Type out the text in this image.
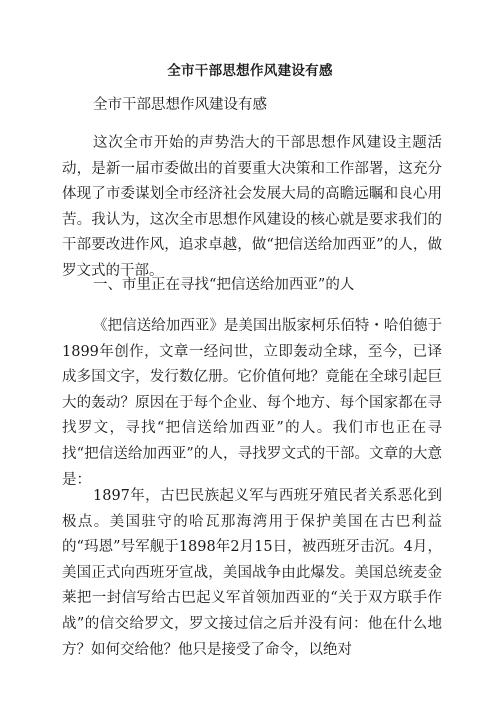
全市干部思想作风建设有感

全市干部思想作风建设有感

这次全市开始的声势浩大的干部思想作风建设主题活动，是新一届市委做出的首要重大决策和工作部署，这充分体现了市委谋划全市经济社会发展大局的高瞻远瞩和良心用苦。我认为，这次全市思想作风建设的核心就是要求我们的干部要改进作风，追求卓越，做“把信送给加西亚”的人，做罗文式的干部。

一、市里正在寻找“把信送给加西亚”的人

《把信送给加西亚》是美国出版家柯乐佰特・哈伯德于1899年创作，文章一经问世，立即轰动全球，至今，已译成多国文字，发行数亿册。它价值何地？竟能在全球引起巨大的轰动？原因在于每个企业、每个地方、每个国家都在寻找罗文，寻找“把信送给加西亚”的人。我们市也正在寻找“把信送给加西亚”的人，寻找罗文式的干部。文章的大意是：

1897年，古巴民族起义军与西班牙殖民者关系恶化到极点。美国驻守的哈瓦那海湾用于保护美国在古巴利益的“玛恩”号军舰于1898年2月15日，被西班牙击沉。4月，美国正式向西班牙宣战，美国战争由此爆发。美国总统麦金莱把一封信写给古巴起义军首领加西亚的“关于双方联手作战”的信交给罗文，罗文接过信之后并没有问：他在什么地方？如何交给他？他只是接受了命令，以绝对
